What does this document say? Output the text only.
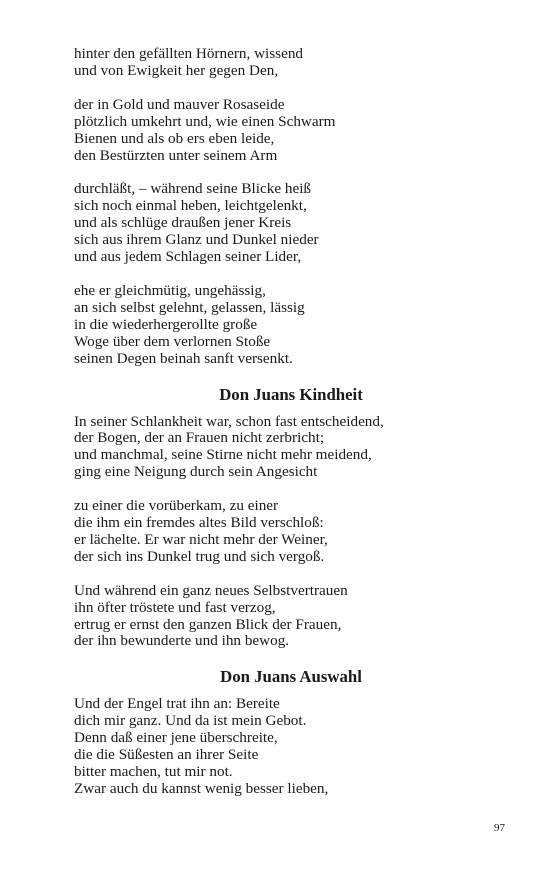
hinter den gefällten Hörnern, wissend
und von Ewigkeit her gegen Den,
der in Gold und mauver Rosaseide
plötzlich umkehrt und, wie einen Schwarm
Bienen und als ob ers eben leide,
den Bestürzten unter seinem Arm
durchläßt, – während seine Blicke heiß
sich noch einmal heben, leichtgelenkt,
und als schlüge draußen jener Kreis
sich aus ihrem Glanz und Dunkel nieder
und aus jedem Schlagen seiner Lider,
ehe er gleichmütig, ungehässig,
an sich selbst gelehnt, gelassen, lässig
in die wiederhergerollte große
Woge über dem verlornen Stoße
seinen Degen beinah sanft versenkt.
Don Juans Kindheit
In seiner Schlankheit war, schon fast entscheidend,
der Bogen, der an Frauen nicht zerbricht;
und manchmal, seine Stirne nicht mehr meidend,
ging eine Neigung durch sein Angesicht
zu einer die vorüberkam, zu einer
die ihm ein fremdes altes Bild verschloß:
er lächelte. Er war nicht mehr der Weiner,
der sich ins Dunkel trug und sich vergoß.
Und während ein ganz neues Selbstvertrauen
ihn öfter tröstete und fast verzog,
ertrug er ernst den ganzen Blick der Frauen,
der ihn bewunderte und ihn bewog.
Don Juans Auswahl
Und der Engel trat ihn an: Bereite
dich mir ganz. Und da ist mein Gebot.
Denn daß einer jene überschreite,
die die Süßesten an ihrer Seite
bitter machen, tut mir not.
Zwar auch du kannst wenig besser lieben,
97
